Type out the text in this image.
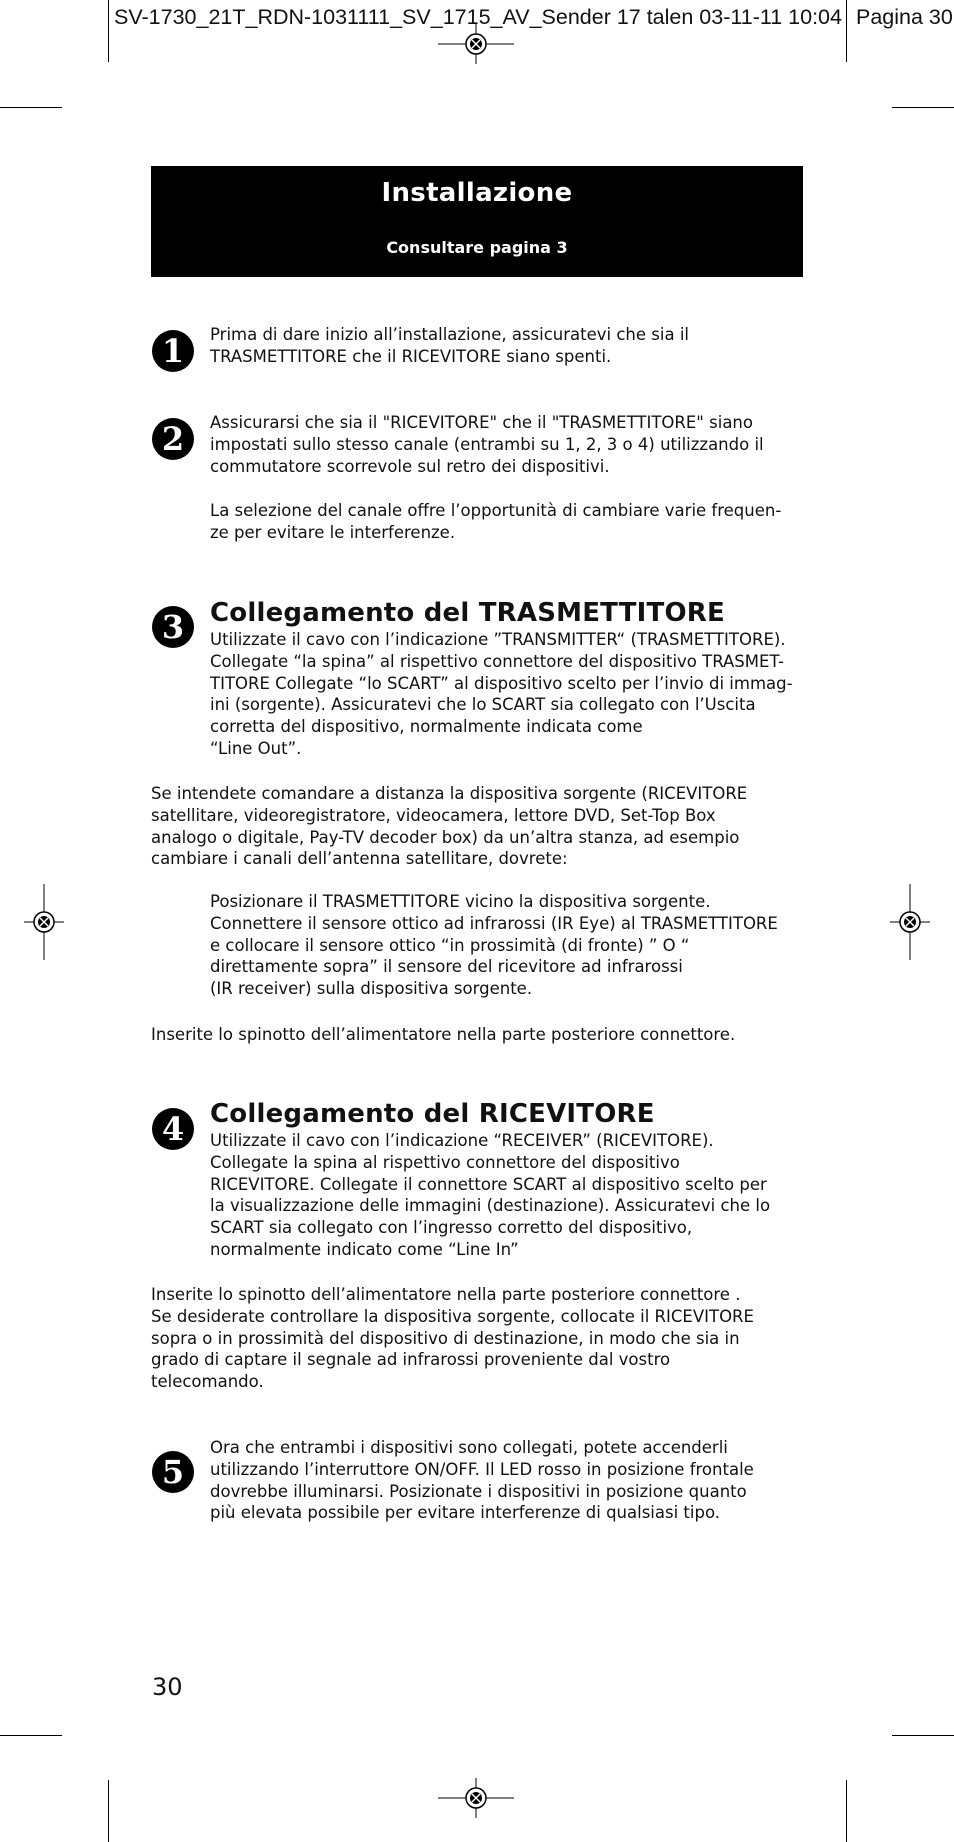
SV-1730_21T_RDN-1031111_SV_1715_AV_Sender 17 talen 03-11-11 10:04 Pagina 30
Installazione
Consultare pagina 3
1	Prima di dare inizio all’installazione, assicuratevi che sia il
TRASMETTITORE che il RICEVITORE siano spenti.
2	Assicurarsi che sia il "RICEVITORE" che il "TRASMETTITORE" siano
impostati sullo stesso canale (entrambi su 1, 2, 3 o 4) utilizzando il
commutatore scorrevole sul retro dei dispositivi.
La selezione del canale offre l’opportunità di cambiare varie frequen-
ze per evitare le interferenze.
3 Collegamento del TRASMETTITORE
Utilizzate il cavo con l’indicazione ”TRANSMITTER“ (TRASMETTITORE).
Collegate “la spina” al rispettivo connettore del dispositivo TRASMET-
TITORE Collegate “lo SCART” al dispositivo scelto per l’invio di immag-
ini (sorgente). Assicuratevi che lo SCART sia collegato con l’Uscita
corretta del dispositivo, normalmente indicata come
“Line Out”.
Se intendete comandare a distanza la dispositiva sorgente (RICEVITORE
satellitare, videoregistratore, videocamera, lettore DVD, Set-Top Box
analogo o digitale, Pay-TV decoder box) da un’altra stanza, ad esempio
cambiare i canali dell’antenna satellitare, dovrete:
Posizionare il TRASMETTITORE vicino la dispositiva sorgente.
Connettere il sensore ottico ad infrarossi (IR Eye) al TRASMETTITORE
e collocare il sensore ottico “in prossimità (di fronte) ” O “
direttamente sopra” il sensore del ricevitore ad infrarossi
(IR receiver) sulla dispositiva sorgente.
Inserite lo spinotto dell’alimentatore nella parte posteriore connettore.
4 Collegamento del RICEVITORE
Utilizzate il cavo con l’indicazione “RECEIVER” (RICEVITORE).
Collegate la spina al rispettivo connettore del dispositivo
RICEVITORE. Collegate il connettore SCART al dispositivo scelto per
la visualizzazione delle immagini (destinazione). Assicuratevi che lo
SCART sia collegato con l’ingresso corretto del dispositivo,
normalmente indicato come “Line In”
Inserite lo spinotto dell’alimentatore nella parte posteriore connettore .
Se desiderate controllare la dispositiva sorgente, collocate il RICEVITORE
sopra o in prossimità del dispositivo di destinazione, in modo che sia in
grado di captare il segnale ad infrarossi proveniente dal vostro
telecomando.
5
Ora che entrambi i dispositivi sono collegati, potete accenderli
utilizzando l’interruttore ON/OFF. Il LED rosso in posizione frontale
dovrebbe illuminarsi. Posizionate i dispositivi in posizione quanto
più elevata possibile per evitare interferenze di qualsiasi tipo.
30
